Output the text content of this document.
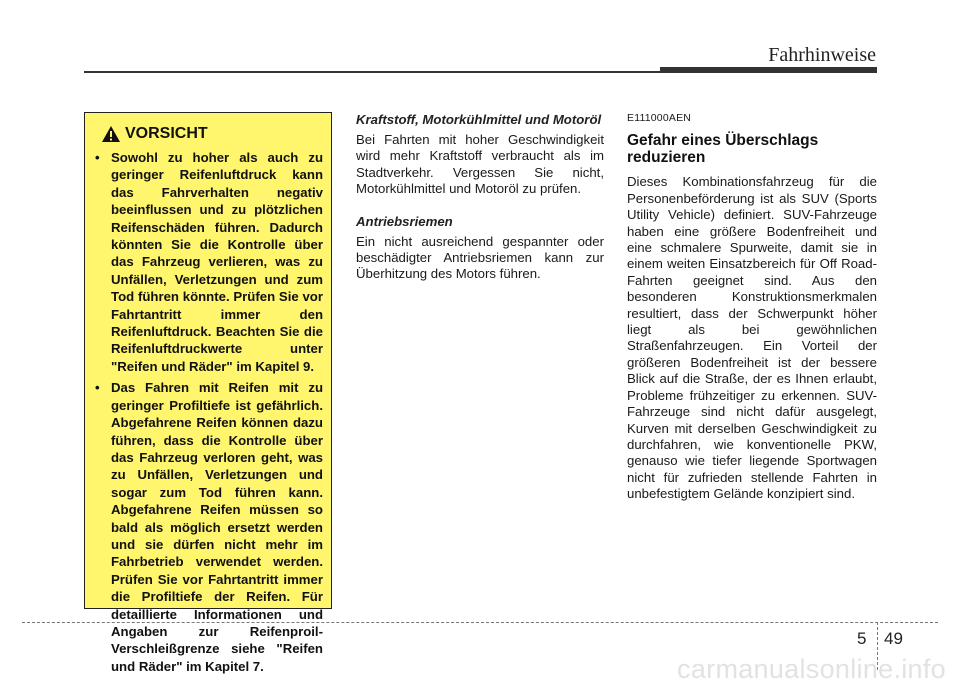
Fahrhinweise
VORSICHT
• Sowohl zu hoher als auch zu geringer Reifenluftdruck kann das Fahrverhalten negativ beeinflussen und zu plötzlichen Reifenschäden führen. Dadurch könnten Sie die Kontrolle über das Fahrzeug verlieren, was zu Unfällen, Verletzungen und zum Tod führen könnte. Prüfen Sie vor Fahrtantritt immer den Reifenluftdruck. Beachten Sie die Reifenluftdruckwerte unter "Reifen und Räder" im Kapitel 9.
• Das Fahren mit Reifen mit zu geringer Profiltiefe ist gefährlich. Abgefahrene Reifen können dazu führen, dass die Kontrolle über das Fahrzeug verloren geht, was zu Unfällen, Verletzungen und sogar zum Tod führen kann. Abgefahrene Reifen müssen so bald als möglich ersetzt werden und sie dürfen nicht mehr im Fahrbetrieb verwendet werden. Prüfen Sie vor Fahrtantritt immer die Profiltiefe der Reifen. Für detaillierte Informationen und Angaben zur Reifenproil-Verschleißgrenze siehe "Reifen und Räder" im Kapitel 7.

Kraftstoff, Motorkühlmittel und Motoröl

Bei Fahrten mit hoher Geschwindigkeit wird mehr Kraftstoff verbraucht als im Stadtverkehr. Vergessen Sie nicht, Motorkühlmittel und Motoröl zu prüfen.

Antriebsriemen

Ein nicht ausreichend gespannter oder beschädigter Antriebsriemen kann zur Überhitzung des Motors führen.

E111000AEN

Gefahr eines Überschlags reduzieren

Dieses Kombinationsfahrzeug für die Personenbeförderung ist als SUV (Sports Utility Vehicle) definiert. SUV-Fahrzeuge haben eine größere Bodenfreiheit und eine schmalere Spurweite, damit sie in einem weiten Einsatzbereich für Off Road-Fahrten geeignet sind. Aus den besonderen Konstruktionsmerkmalen resultiert, dass der Schwerpunkt höher liegt als bei gewöhnlichen Straßenfahrzeugen. Ein Vorteil der größeren Bodenfreiheit ist der bessere Blick auf die Straße, der es Ihnen erlaubt, Probleme frühzeitiger zu erkennen. SUV-Fahrzeuge sind nicht dafür ausgelegt, Kurven mit derselben Geschwindigkeit zu durchfahren, wie konventionelle PKW, genauso wie tiefer liegende Sportwagen nicht für zufrieden stellende Fahrten in unbefestigtem Gelände konzipiert sind.

5 49
carmanualsonline.info
